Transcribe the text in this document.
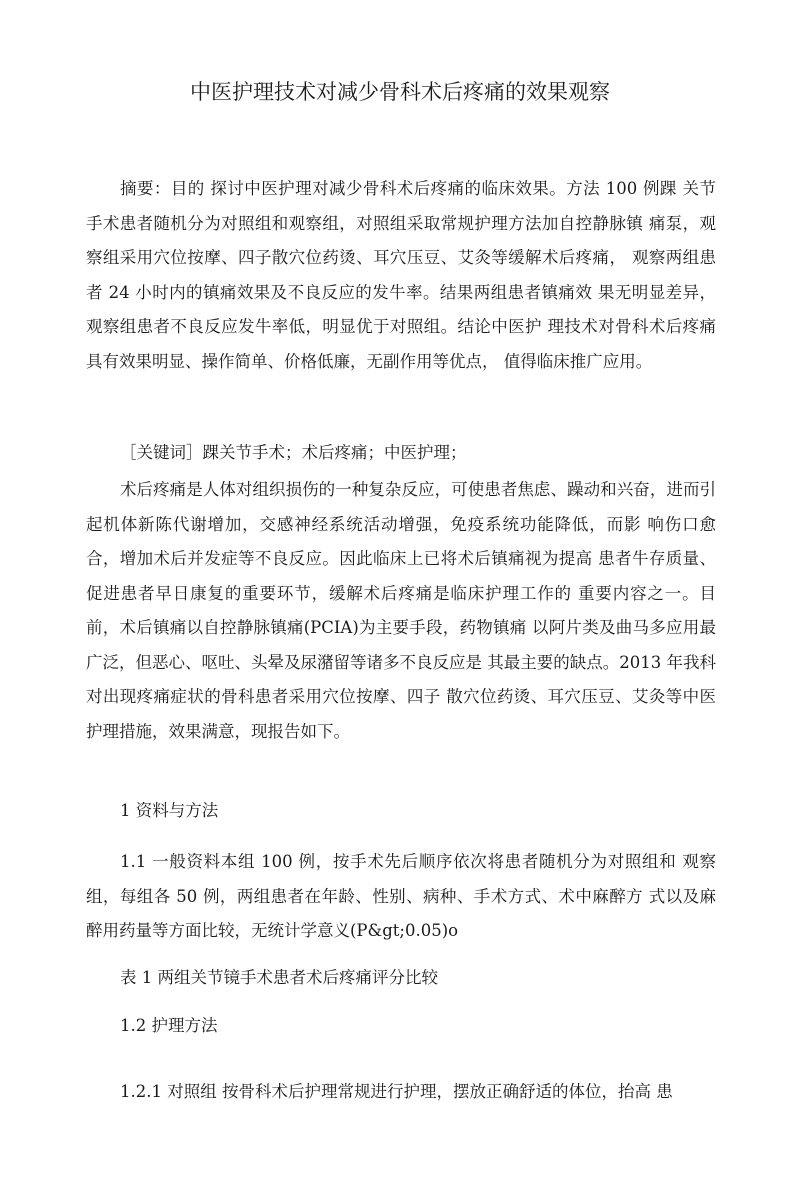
中医护理技术对减少骨科术后疼痛的效果观察

摘要：目的 探讨中医护理对减少骨科术后疼痛的临床效果。方法 100 例踝 关节手术患者随机分为对照组和观察组，对照组采取常规护理方法加自控静脉镇 痛泵，观察组采用穴位按摩、四子散穴位药烫、耳穴压豆、艾灸等缓解术后疼痛， 观察两组患者 24 小时内的镇痛效果及不良反应的发牛率。结果两组患者镇痛效 果无明显差异，观察组患者不良反应发牛率低，明显优于对照组。结论中医护 理技术对骨科术后疼痛具有效果明显、操作简单、价格低廉，无副作用等优点， 值得临床推广应用。

［关键词］踝关节手术；术后疼痛；中医护理；

术后疼痛是人体对组织损伤的一种复杂反应，可使患者焦虑、躁动和兴奋，进而引起机体新陈代谢增加，交感神经系统活动增强，免疫系统功能降低，而影 响伤口愈合，增加术后并发症等不良反应。因此临床上已将术后镇痛视为提高 患者牛存质量、促进患者早日康复的重要环节，缓解术后疼痛是临床护理工作的 重要内容之一。目前，术后镇痛以自控静脉镇痛(PCIA)为主要手段，药物镇痛 以阿片类及曲马多应用最广泛，但恶心、呕吐、头晕及尿潴留等诸多不良反应是 其最主要的缺点。2013 年我科对出现疼痛症状的骨科患者采用穴位按摩、四子 散穴位药烫、耳穴压豆、艾灸等中医护理措施，效果满意，现报告如下。

1 资料与方法

1.1 一般资料本组 100 例，按手术先后顺序依次将患者随机分为对照组和 观察组，每组各 50 例，两组患者在年龄、性别、病种、手术方式、术中麻醉方 式以及麻醉用药量等方面比较，无统计学意义(P&gt;0.05)o

表 1 两组关节镜手术患者术后疼痛评分比较

1.2 护理方法

1.2.1 对照组 按骨科术后护理常规进行护理，摆放正确舒适的体位，抬高 患
